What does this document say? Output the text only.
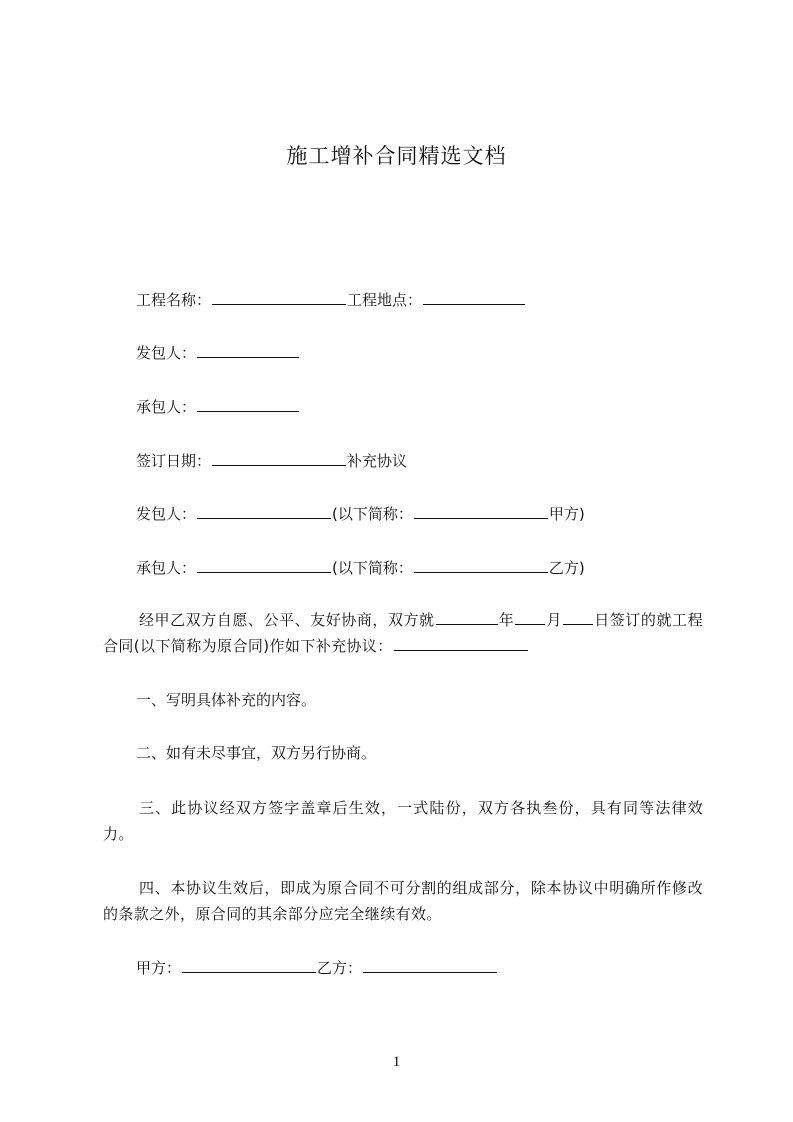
施工增补合同精选文档
工程名称：	工程地点：
发包人：
承包人：
签订日期：	补充协议
发包人：	(以下简称：	甲方)
承包人：	(以下简称：	乙方)
经甲乙双方自愿、公平、友好协商，双方就	年 月 日签订的就工程合同(以下简称为原合同)作如下补充协议：
一、写明具体补充的内容。
二、如有未尽事宜，双方另行协商。
三、此协议经双方签字盖章后生效，一式陆份，双方各执叁份，具有同等法律效力。
四、本协议生效后，即成为原合同不可分割的组成部分，除本协议中明确所作修改的条款之外，原合同的其余部分应完全继续有效。
甲方：	乙方：
1
